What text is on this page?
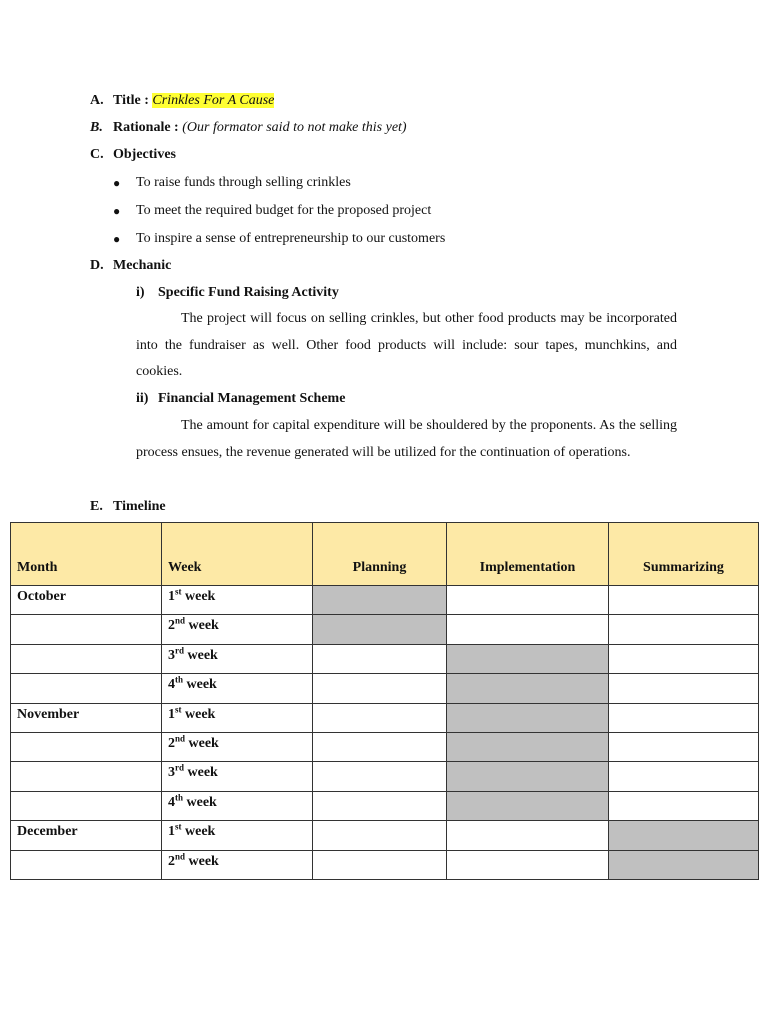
A. Title : Crinkles For A Cause
B. Rationale : (Our formator said to not make this yet)
C. Objectives
● To raise funds through selling crinkles
● To meet the required budget for the proposed project
● To inspire a sense of entrepreneurship to our customers
D. Mechanic
i) Specific Fund Raising Activity
The project will focus on selling crinkles, but other food products may be incorporated into the fundraiser as well. Other food products will include: sour tapes, munchkins, and cookies.
ii) Financial Management Scheme
The amount for capital expenditure will be shouldered by the proponents. As the selling process ensues, the revenue generated will be utilized for the continuation of operations.
E. Timeline
Month	Week	Planning	Implementation	Summarizing
October	1st week			
	2nd week			
	3rd week			
	4th week			
November	1st week			
	2nd week			
	3rd week			
	4th week			
December	1st week			
	2nd week			
